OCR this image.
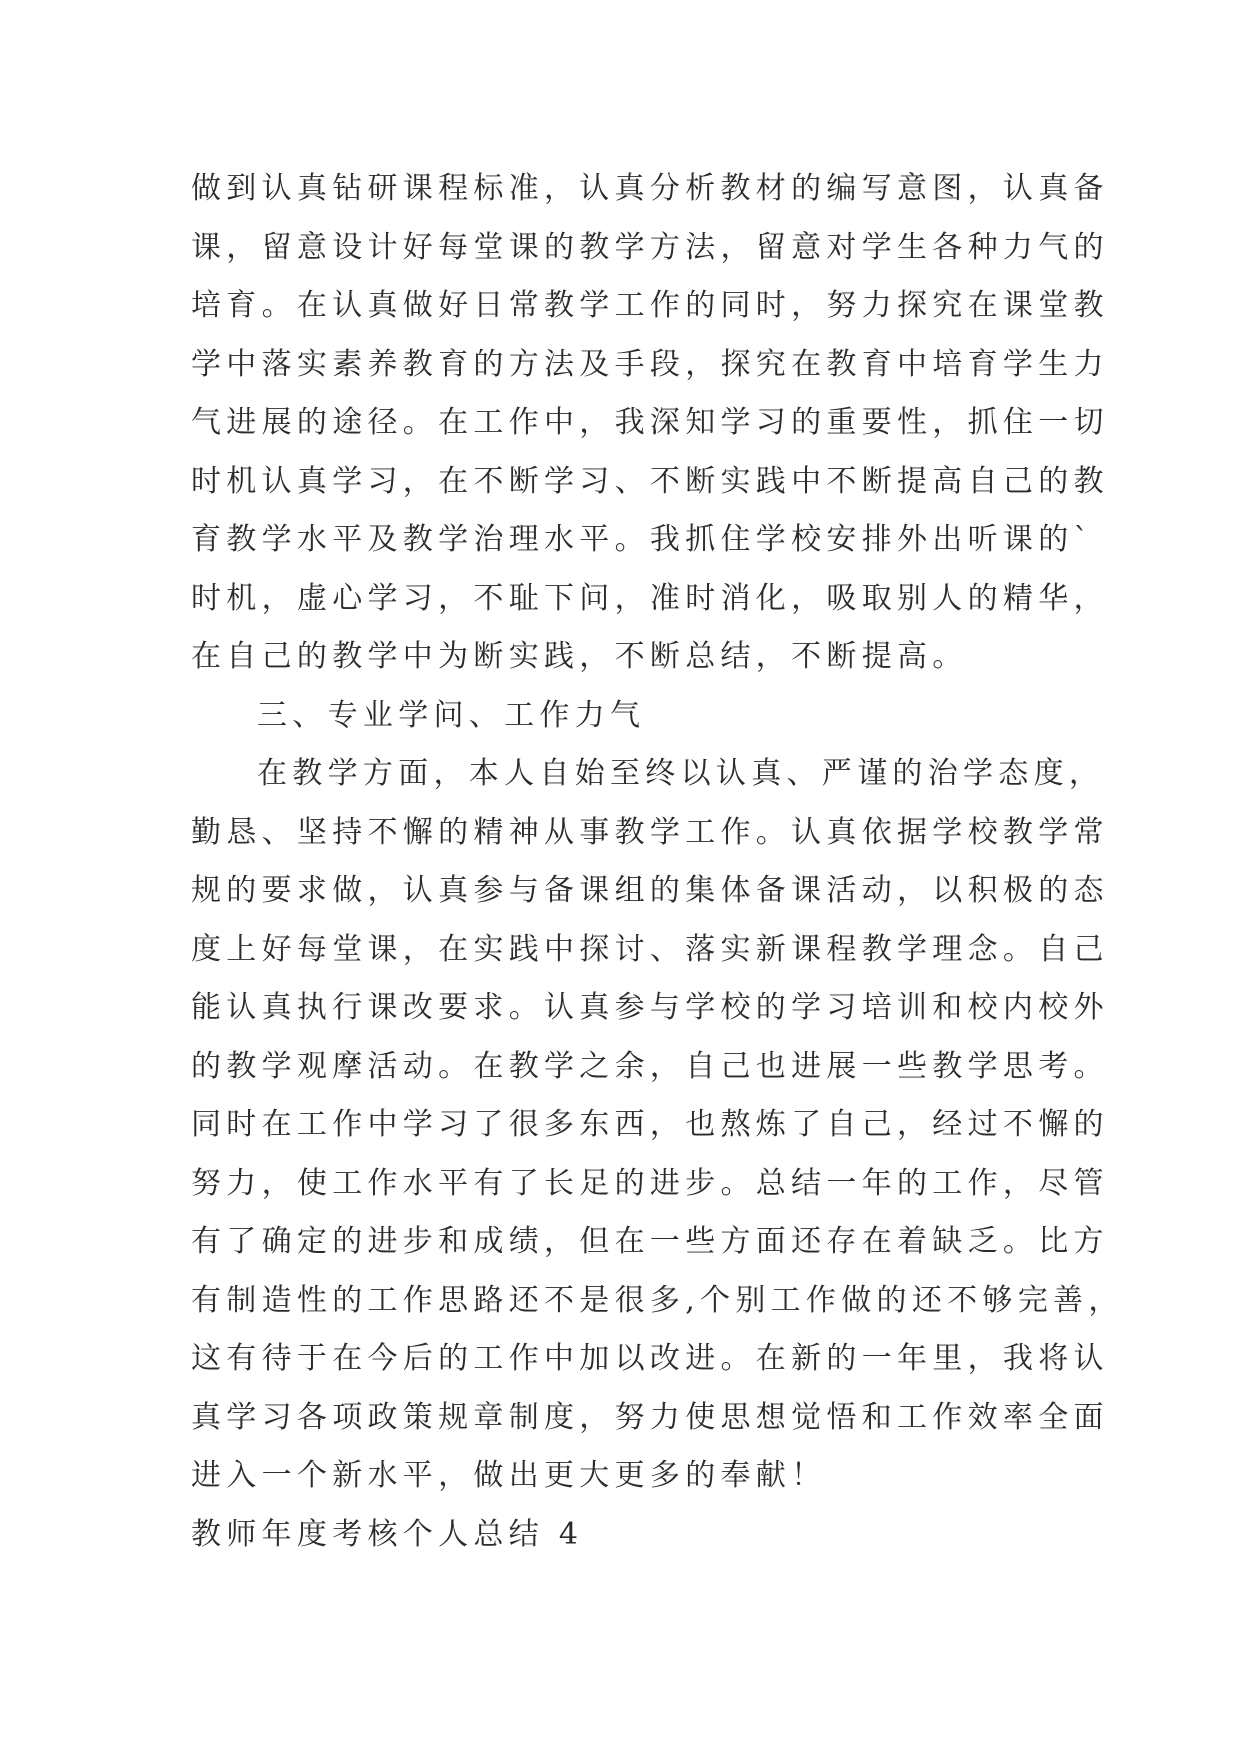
做到认真钻研课程标准，认真分析教材的编写意图，认真备
课，留意设计好每堂课的教学方法，留意对学生各种力气的
培育。在认真做好日常教学工作的同时，努力探究在课堂教
学中落实素养教育的方法及手段，探究在教育中培育学生力
气进展的途径。在工作中，我深知学习的重要性，抓住一切
时机认真学习，在不断学习、不断实践中不断提高自己的教
育教学水平及教学治理水平。我抓住学校安排外出听课的`
时机，虚心学习，不耻下问，准时消化，吸取别人的精华，
在自己的教学中为断实践，不断总结，不断提高。
三、专业学问、工作力气
在教学方面，本人自始至终以认真、严谨的治学态度，
勤恳、坚持不懈的精神从事教学工作。认真依据学校教学常
规的要求做，认真参与备课组的集体备课活动，以积极的态
度上好每堂课，在实践中探讨、落实新课程教学理念。自己
能认真执行课改要求。认真参与学校的学习培训和校内校外
的教学观摩活动。在教学之余，自己也进展一些教学思考。
同时在工作中学习了很多东西，也熬炼了自己，经过不懈的
努力，使工作水平有了长足的进步。总结一年的工作，尽管
有了确定的进步和成绩，但在一些方面还存在着缺乏。比方
有制造性的工作思路还不是很多,个别工作做的还不够完善，
这有待于在今后的工作中加以改进。在新的一年里，我将认
真学习各项政策规章制度，努力使思想觉悟和工作效率全面
进入一个新水平，做出更大更多的奉献！
教师年度考核个人总结 4
